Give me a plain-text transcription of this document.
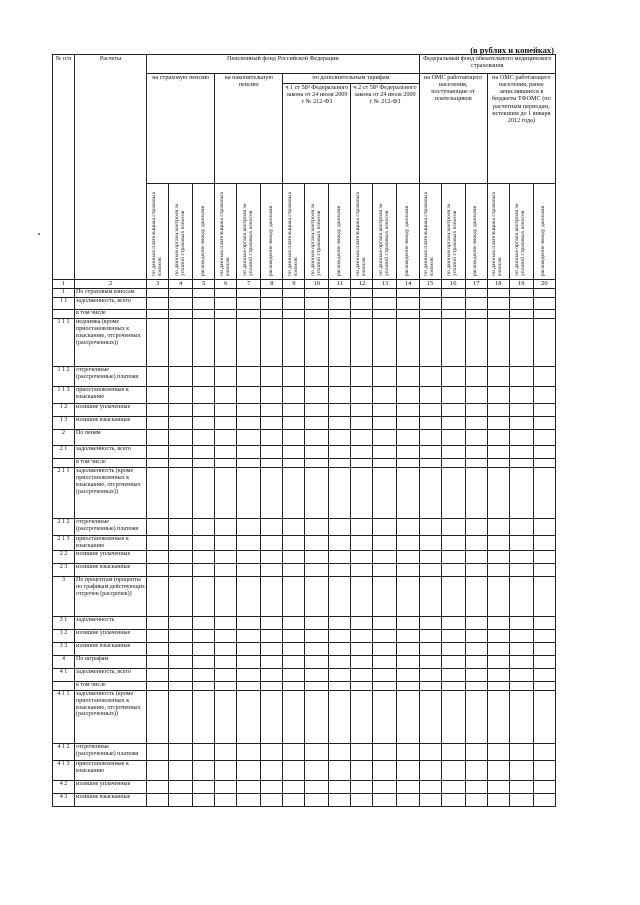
(в рублях и копейках)
№ п/п	Расчеты	Пенсионный фонд Российской Федерации												Федеральный фонд обязательного медицинского страхования					
		на страховую пенсию			на накопительную пенсию			по дополнительным тарифам						на ОМС работающего населения, поступающие от плательщиков			на ОМС работающего населения, ранее зачислявшиеся в бюджеты ТФОМС (по расчетным периодам, истекшим до 1 января 2012 года)		
								ч 1 ст 58³ Федерального закона от 24 июля 2009 г № 212-ФЗ			ч 2 ст 58³ Федерального закона от 24 июля 2009 г № 212-ФЗ								

		по данным плательщика страховых взносов	по данным органа контроля за уплатой страховых взносов	расхождение между данными	по данным плательщика страховых взносов	по данным органа контроля за уплатой страховых взносов	расхождение между данными	по данным плательщика страховых взносов	по данным органа контроля за уплатой страховых взносов	расхождение между данными	по данным плательщика страховых взносов	по данным органа контроля за уплатой страховых взносов	расхождение между данными	по данным плательщика страховых взносов	по данным органа контроля за уплатой страховых взносов	расхождение между данными	по данным плательщика страховых взносов	по данным органа контроля за уплатой страховых взносов	расхождение между данными

1	2	3	4	5	6	7	8	9	10	11	12	13	14	15	16	17	18	19	20
1	По страховым взносам																		
1 1	задолженность, всего																		
	в том числе																		
1 1 1	недоимка (кроме приостановленных к взысканию, отсроченных (рассроченных))																		
1 1 2	отсроченные (рассроченные) платежи																		
1 1 3	приостановленные к взысканию																		
1 2	излишне уплаченные																		
1 3	излишне взысканные																		
2	По пеням																		
2 1	задолженность, всего																		
	в том числе																		
2 1 1	задолженность (кроме приостановленных к взысканию, отсроченных (рассроченных))																		
2 1 2	отсроченные (рассроченные) платежи																		
2 1 3	приостановленные к взысканию																		
2 2	излишне уплаченные																		
2 3	излишне взысканные																		
3	По процентам (проценты по графикам действующих отсрочек (рассрочек))																		
3 1	задолженность																		
3 2	излишне уплаченные																		
3 3	излишне взысканные																		
4	По штрафам																		
4 1	задолженность, всего																		
	в том числе																		
4 1 1	задолженность (кроме приостановленных к взысканию, отсроченных (рассроченных))																		
4 1 2	отсроченные (рассроченные) платежи																		
4 1 3	приостановленные к взысканию																		
4 2	излишне уплаченные																		
4 3	излишне взысканные																		
